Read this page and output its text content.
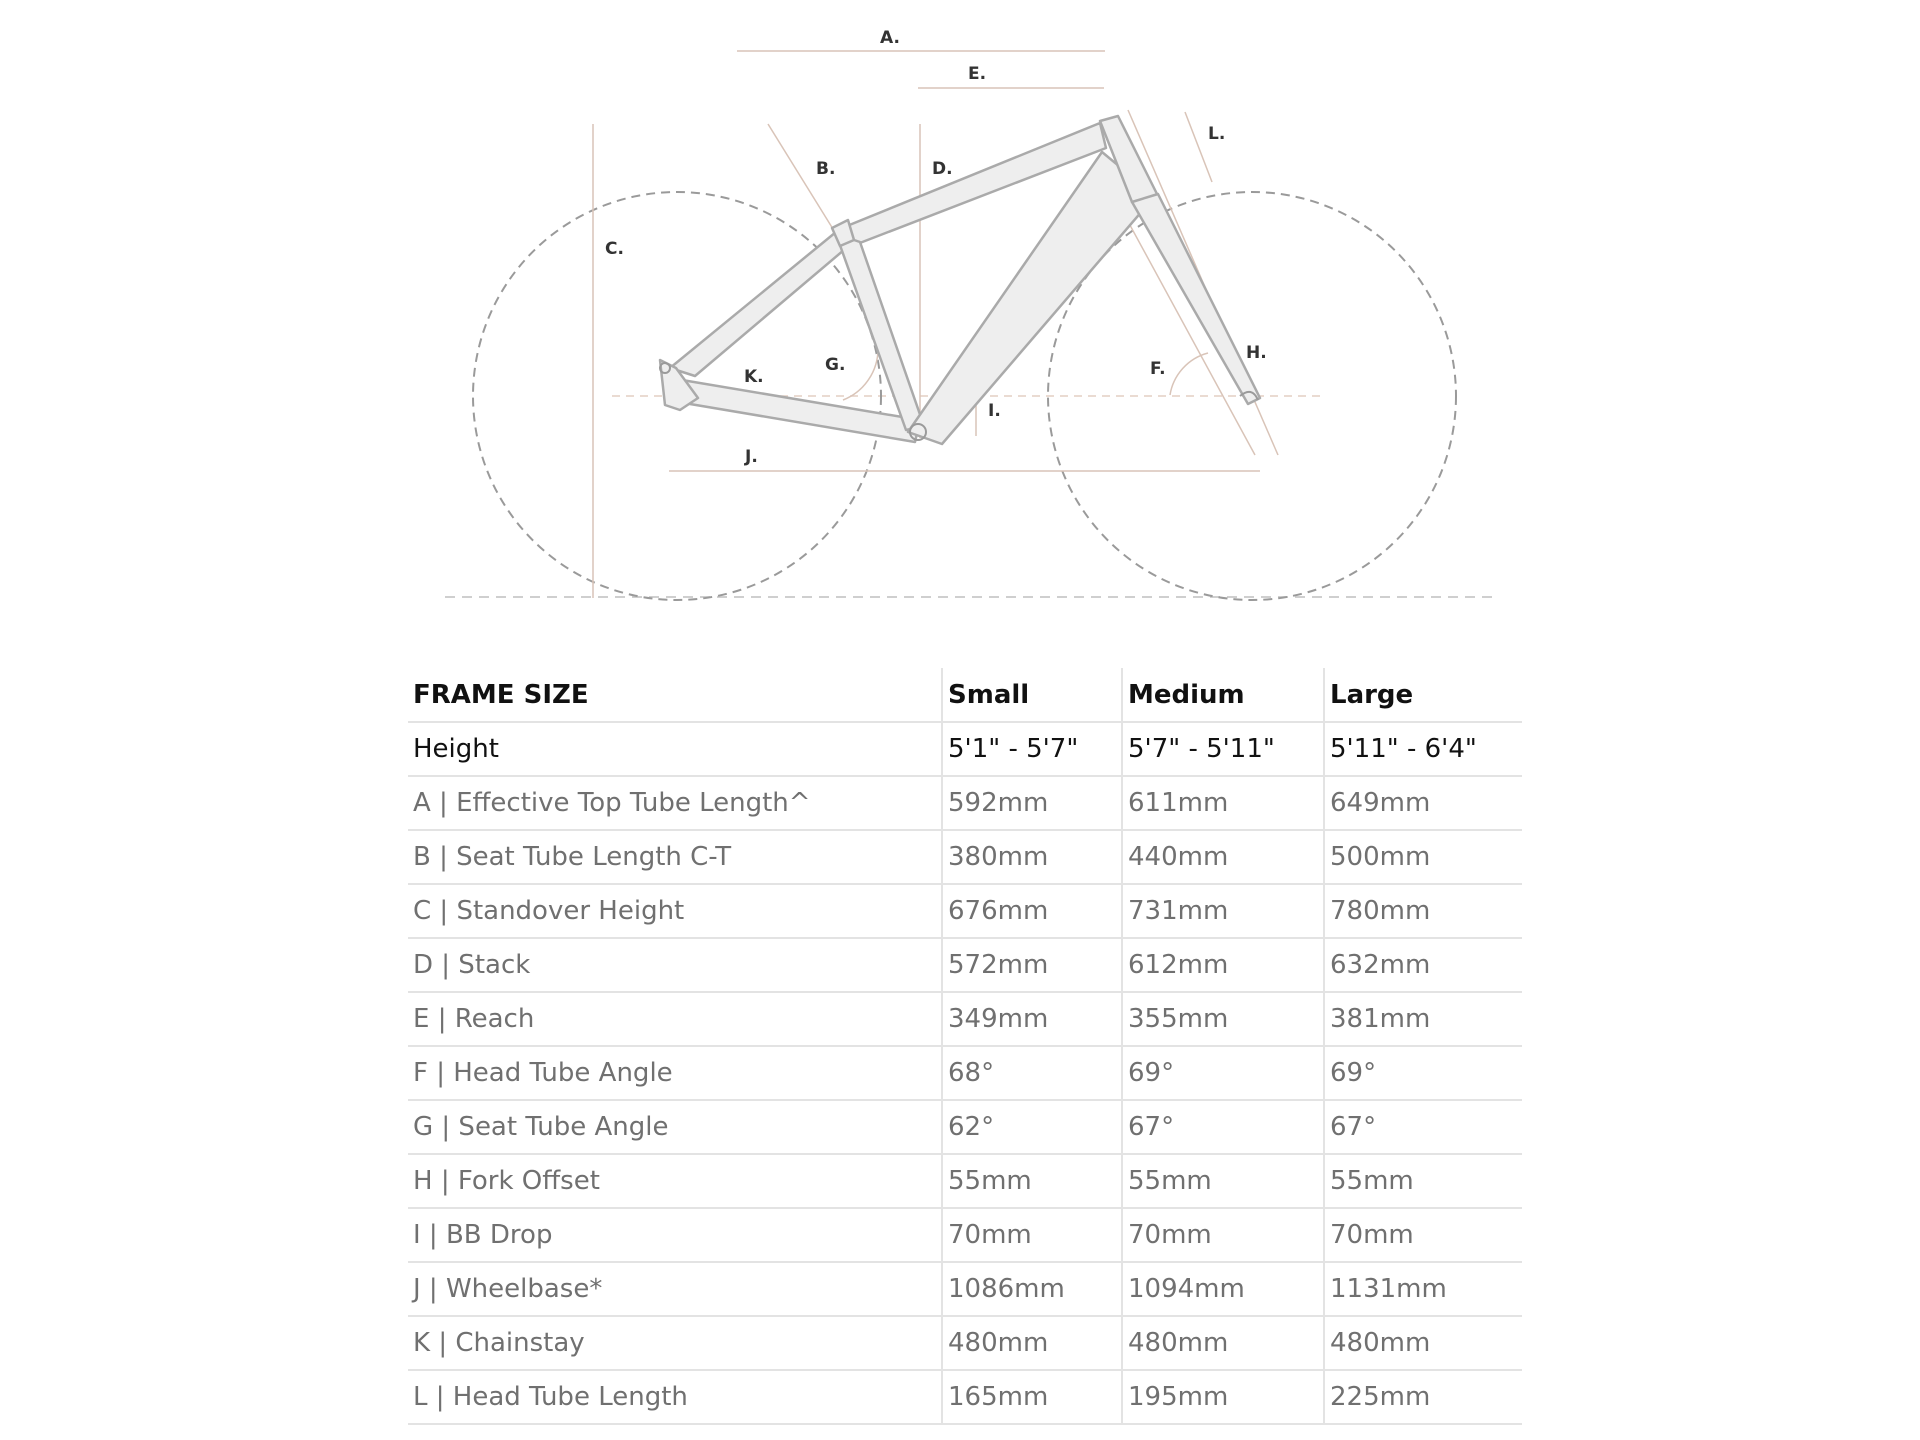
A.
E.
L.
B.	D.
C.
G.
K.	F.
H.
I.
J.
FRAME SIZE	Small	Medium	Large
Height	5'1" - 5'7"	5'7" - 5'11"	5'11" - 6'4"
A | Effective Top Tube Length^	592mm	611mm	649mm
B | Seat Tube Length C-T	380mm	440mm	500mm
C | Standover Height	676mm	731mm	780mm
D | Stack	572mm	612mm	632mm
E | Reach	349mm	355mm	381mm
F | Head Tube Angle	68°	69°	69°
G | Seat Tube Angle	62°	67°	67°
H | Fork Offset	55mm	55mm	55mm
I | BB Drop	70mm	70mm	70mm
J | Wheelbase*	1086mm	1094mm	1131mm
K | Chainstay	480mm	480mm	480mm
L | Head Tube Length	165mm	195mm	225mm
